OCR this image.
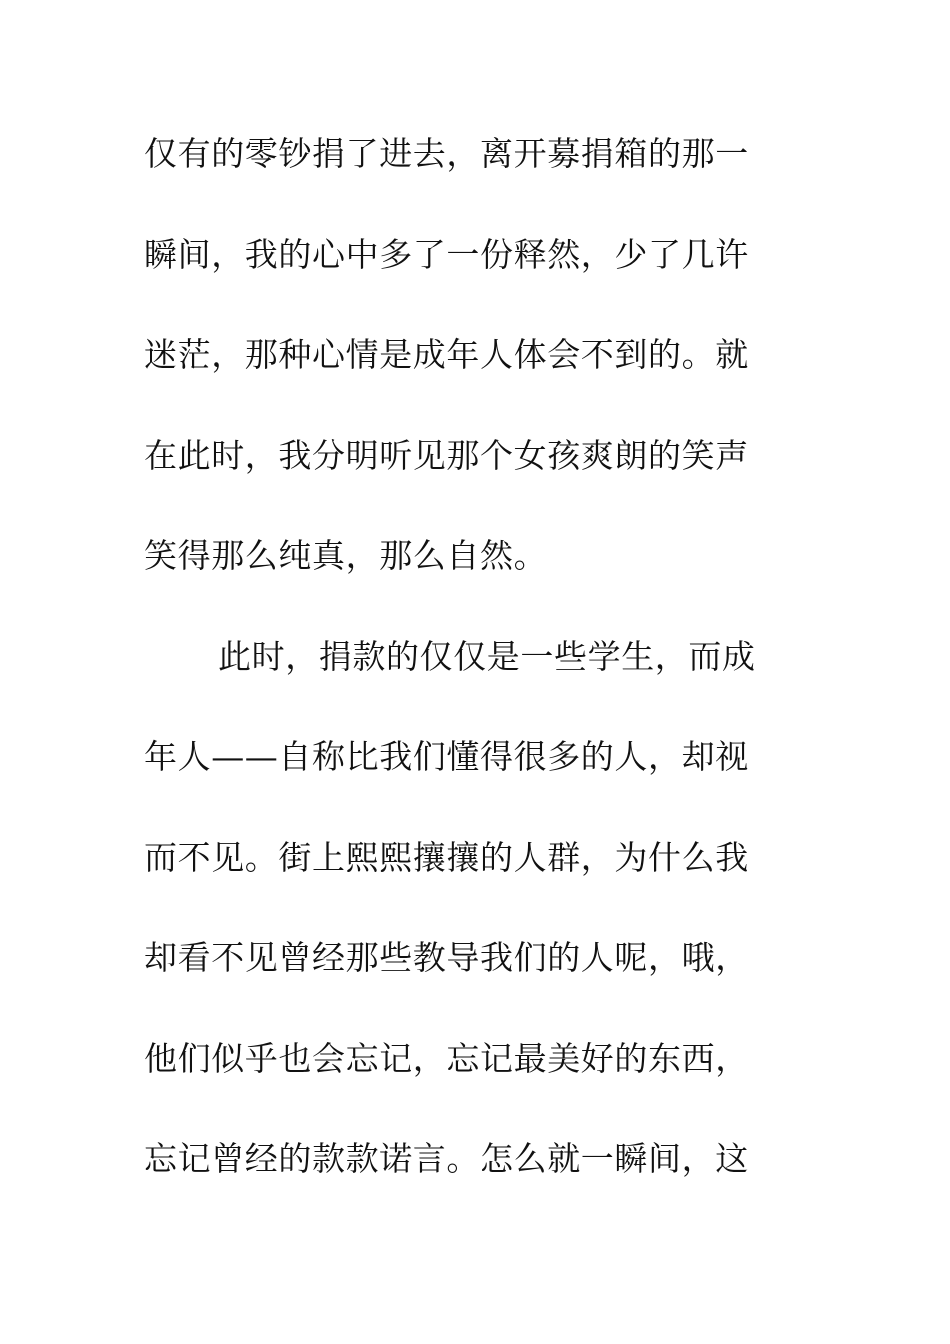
仅有的零钞捐了进去，离开募捐箱的那一
瞬间，我的心中多了一份释然，少了几许
迷茫，那种心情是成年人体会不到的。就
在此时，我分明听见那个女孩爽朗的笑声
笑得那么纯真，那么自然。
此时，捐款的仅仅是一些学生，而成
年人——自称比我们懂得很多的人，却视
而不见。街上熙熙攘攘的人群，为什么我
却看不见曾经那些教导我们的人呢，哦，
他们似乎也会忘记，忘记最美好的东西，
忘记曾经的款款诺言。怎么就一瞬间，这
